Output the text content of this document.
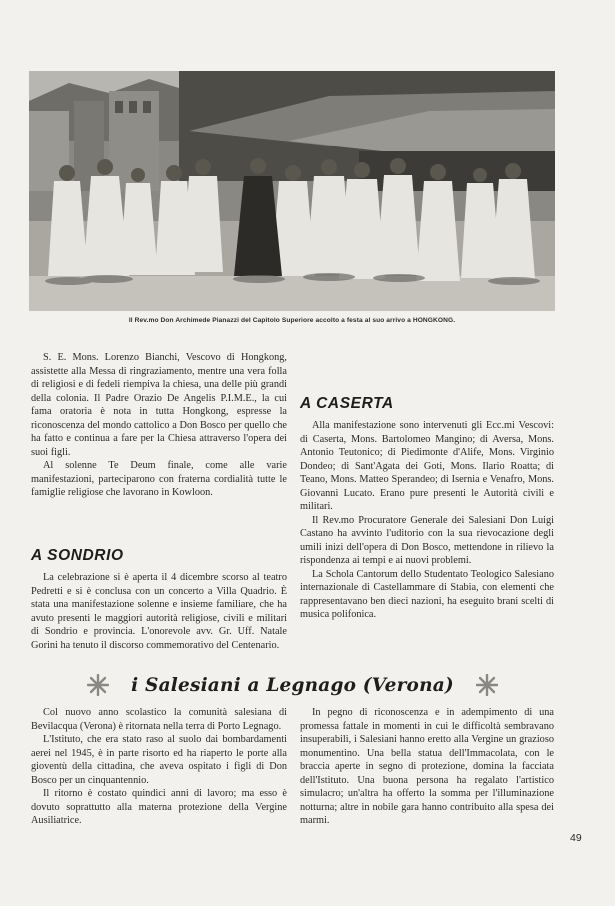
Il Rev.mo Don Archimede Pianazzi del Capitolo Superiore accolto a festa al suo arrivo a HONGKONG.

S. E. Mons. Lorenzo Bianchi, Vescovo di Hongkong, assistette alla Messa di ringraziamento, mentre una vera folla di religiosi e di fedeli riempiva la chiesa, una delle più grandi della colonia. Il Padre Orazio De Angelis P.I.M.E., la cui fama oratoria è nota in tutta Hongkong, espresse la riconoscenza del mondo cattolico a Don Bosco per quello che ha fatto e continua a fare per la Chiesa attraverso l'opera dei suoi figli.

Al solenne Te Deum finale, come alle varie manifestazioni, parteciparono con fraterna cordialità tutte le famiglie religiose che lavorano in Kowloon.

A SONDRIO

La celebrazione si è aperta il 4 dicembre scorso al teatro Pedretti e si è conclusa con un concerto a Villa Quadrio. È stata una manifestazione solenne e insieme familiare, che ha avuto presenti le maggiori autorità religiose, civili e militari di Sondrio e provincia. L'onorevole avv. Gr. Uff. Natale Gorini ha tenuto il discorso commemorativo del Centenario.

A CASERTA

Alla manifestazione sono intervenuti gli Ecc.mi Vescovi: di Caserta, Mons. Bartolomeo Mangino; di Aversa, Mons. Antonio Teutonico; di Piedimonte d'Alife, Mons. Virginio Dondeo; di Sant'Agata dei Goti, Mons. Ilario Roatta; di Teano, Mons. Matteo Sperandeo; di Isernia e Venafro, Mons. Giovanni Lucato. Erano pure presenti le Autorità civili e militari.

Il Rev.mo Procuratore Generale dei Salesiani Don Luigi Castano ha avvinto l'uditorio con la sua rievocazione degli umili inizi dell'opera di Don Bosco, mettendone in rilievo la rispondenza ai tempi e ai nuovi problemi.

La Schola Cantorum dello Studentato Teologico Salesiano internazionale di Castellammare di Stabia, con elementi che rappresentavano ben dieci nazioni, ha eseguito brani scelti di musica polifonica.

i Salesiani a Legnago (Verona)

Col nuovo anno scolastico la comunità salesiana di Bevilacqua (Verona) è ritornata nella terra di Porto Legnago.

L'Istituto, che era stato raso al suolo dai bombardamenti aerei nel 1945, è in parte risorto ed ha riaperto le porte alla gioventù della cittadina, che aveva ospitato i figli di Don Bosco per un cinquantennio.

Il ritorno è costato quindici anni di lavoro; ma esso è dovuto soprattutto alla materna protezione della Vergine Ausiliatrice.

In pegno di riconoscenza e in adempimento di una promessa fattale in momenti in cui le difficoltà sembravano insuperabili, i Salesiani hanno eretto alla Vergine un grazioso monumentino. Una bella statua dell'Immacolata, con le braccia aperte in segno di protezione, domina la facciata dell'Istituto. Una buona persona ha regalato l'artistico simulacro; un'altra ha offerto la somma per l'illuminazione notturna; altre in nobile gara hanno contribuito alla spesa dei marmi.

49
